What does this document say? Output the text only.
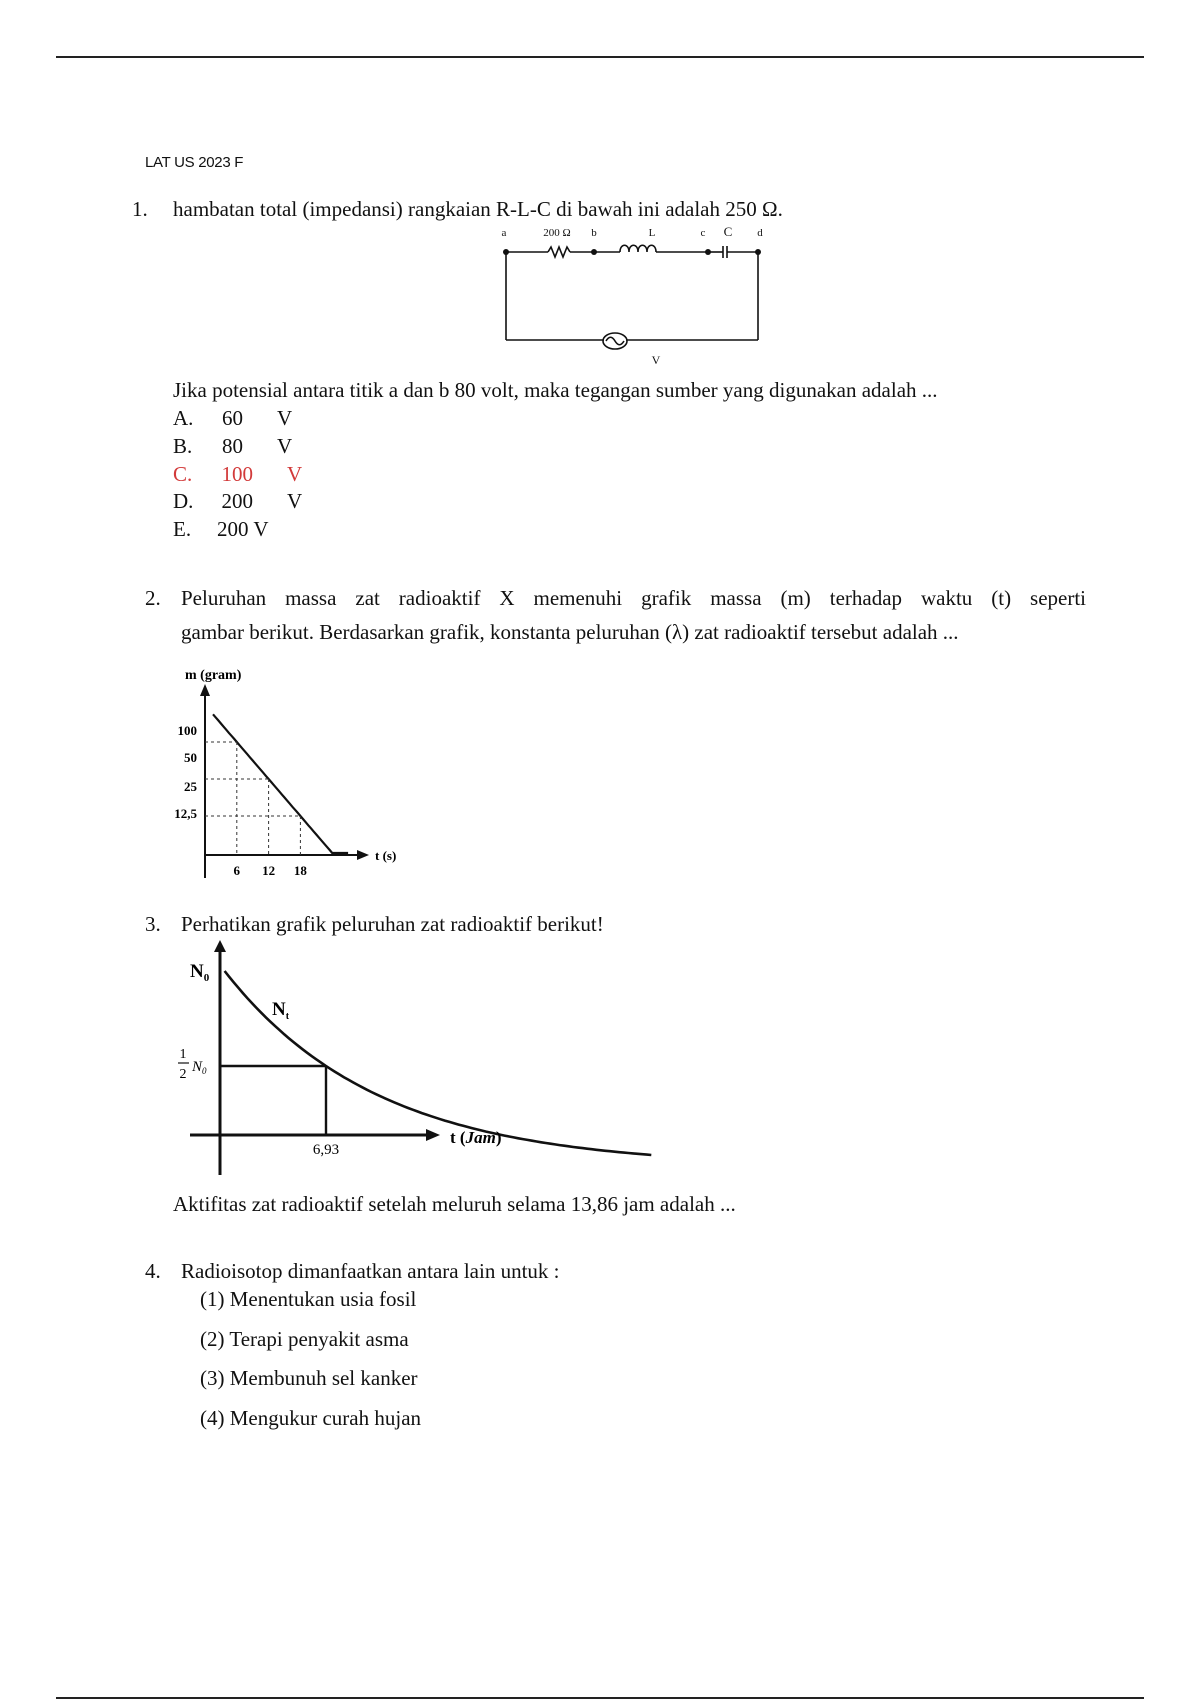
LAT US 2023 F
1. hambatan total (impedansi) rangkaian R-L-C di bawah ini adalah 250 Ω.
a	200 Ω b	L	c C d
V
Jika potensial antara titik a dan b 80 volt, maka tegangan sumber yang digunakan adalah ...
A. 60 V
B. 80 V
C. 100 V
D. 200 V
E. 200 V
2. Peluruhan massa zat radioaktif X memenuhi grafik massa (m) terhadap waktu (t) seperti
gambar berikut. Berdasarkan grafik, konstanta peluruhan (λ) zat radioaktif tersebut adalah ...
100
50
25
12,5
6 12 18
m (gram)
t (s)
3. Perhatikan grafik peluruhan zat radioaktif berikut!
6,93
$N_0$
$N_t$
1
2 $N_0$
t (Jam)
Aktifitas zat radioaktif setelah meluruh selama 13,86 jam adalah ...
4. Radioisotop dimanfaatkan antara lain untuk :
(1) Menentukan usia fosil
(2) Terapi penyakit asma
(3) Membunuh sel kanker
(4) Mengukur curah hujan
